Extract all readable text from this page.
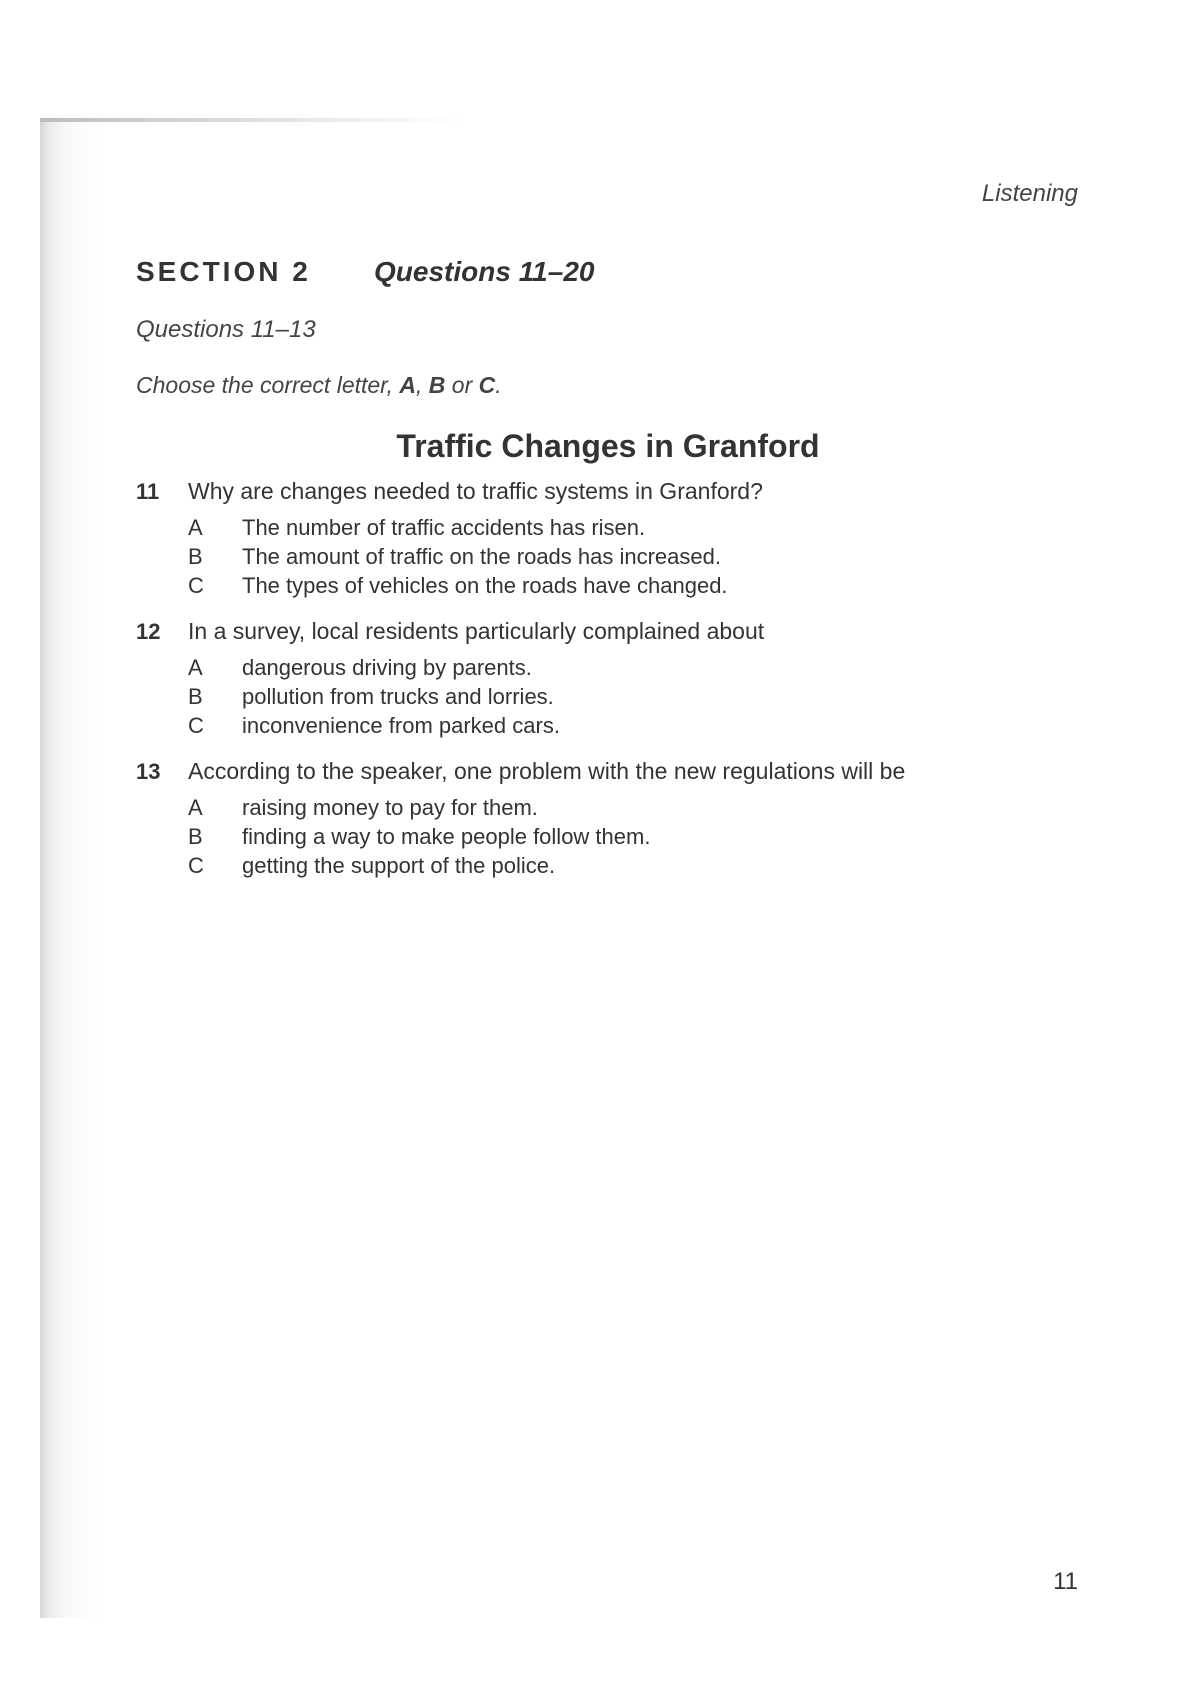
Listening
SECTION 2	Questions 11–20
Questions 11–13
Choose the correct letter, A, B or C.
Traffic Changes in Granford
11	Why are changes needed to traffic systems in Granford?
A	The number of traffic accidents has risen.
B	The amount of traffic on the roads has increased.
C	The types of vehicles on the roads have changed.
12	In a survey, local residents particularly complained about
A	dangerous driving by parents.
B	pollution from trucks and lorries.
C	inconvenience from parked cars.
13	According to the speaker, one problem with the new regulations will be
A	raising money to pay for them.
B	finding a way to make people follow them.
C	getting the support of the police.
11
